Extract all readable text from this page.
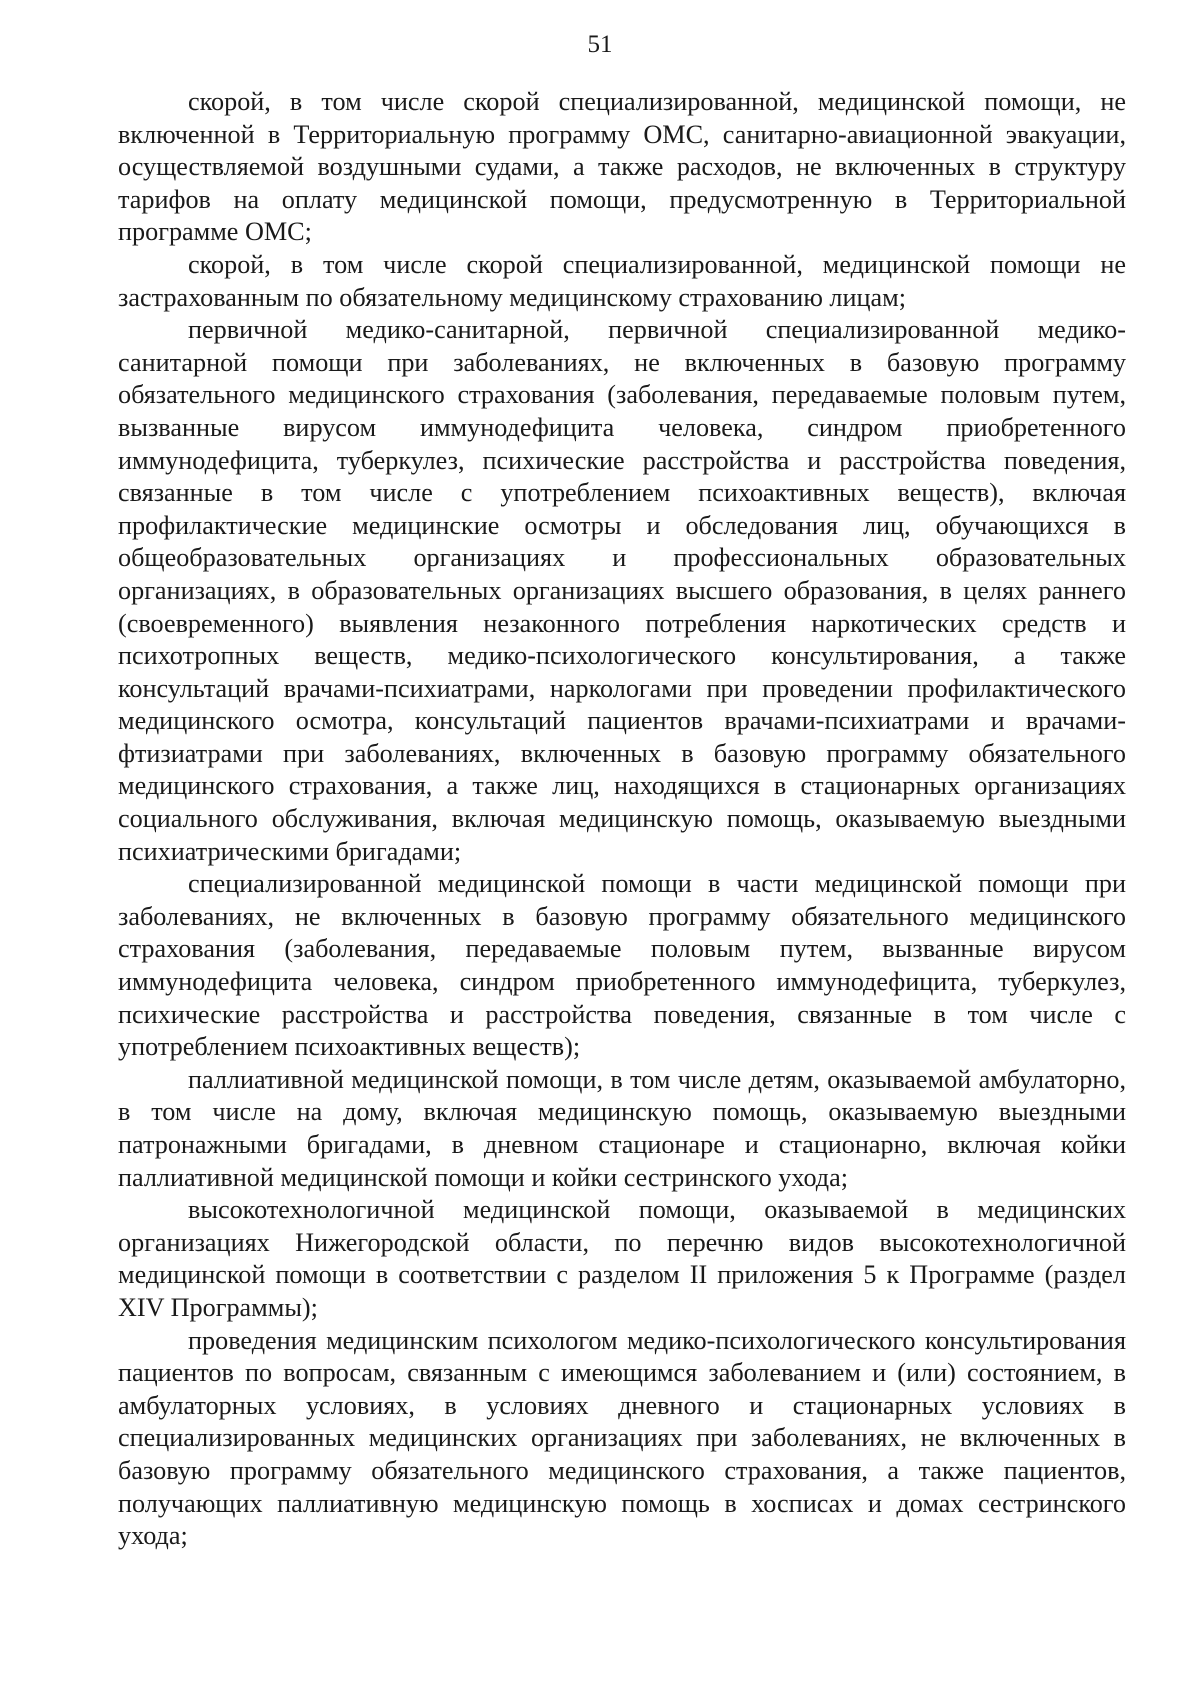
51

скорой, в том числе скорой специализированной, медицинской помощи, не включенной в Территориальную программу ОМС, санитарно-авиационной эвакуации, осуществляемой воздушными судами, а также расходов, не включенных в структуру тарифов на оплату медицинской помощи, предусмотренную в Территориальной программе ОМС;

скорой, в том числе скорой специализированной, медицинской помощи не застрахованным по обязательному медицинскому страхованию лицам;

первичной медико-санитарной, первичной специализированной медико-санитарной помощи при заболеваниях, не включенных в базовую программу обязательного медицинского страхования (заболевания, передаваемые половым путем, вызванные вирусом иммунодефицита человека, синдром приобретенного иммунодефицита, туберкулез, психические расстройства и расстройства поведения, связанные в том числе с употреблением психоактивных веществ), включая профилактические медицинские осмотры и обследования лиц, обучающихся в общеобразовательных организациях и профессиональных образовательных организациях, в образовательных организациях высшего образования, в целях раннего (своевременного) выявления незаконного потребления наркотических средств и психотропных веществ, медико-психологического консультирования, а также консультаций врачами-психиатрами, наркологами при проведении профилактического медицинского осмотра, консультаций пациентов врачами-психиатрами и врачами-фтизиатрами при заболеваниях, включенных в базовую программу обязательного медицинского страхования, а также лиц, находящихся в стационарных организациях социального обслуживания, включая медицинскую помощь, оказываемую выездными психиатрическими бригадами;

специализированной медицинской помощи в части медицинской помощи при заболеваниях, не включенных в базовую программу обязательного медицинского страхования (заболевания, передаваемые половым путем, вызванные вирусом иммунодефицита человека, синдром приобретенного иммунодефицита, туберкулез, психические расстройства и расстройства поведения, связанные в том числе с употреблением психоактивных веществ);

паллиативной медицинской помощи, в том числе детям, оказываемой амбулаторно, в том числе на дому, включая медицинскую помощь, оказываемую выездными патронажными бригадами, в дневном стационаре и стационарно, включая койки паллиативной медицинской помощи и койки сестринского ухода;

высокотехнологичной медицинской помощи, оказываемой в медицинских организациях Нижегородской области, по перечню видов высокотехнологичной медицинской помощи в соответствии с разделом II приложения 5 к Программе (раздел XIV Программы);

проведения медицинским психологом медико-психологического консультирования пациентов по вопросам, связанным с имеющимся заболеванием и (или) состоянием, в амбулаторных условиях, в условиях дневного и стационарных условиях в специализированных медицинских организациях при заболеваниях, не включенных в базовую программу обязательного медицинского страхования, а также пациентов, получающих паллиативную медицинскую помощь в хосписах и домах сестринского ухода;
